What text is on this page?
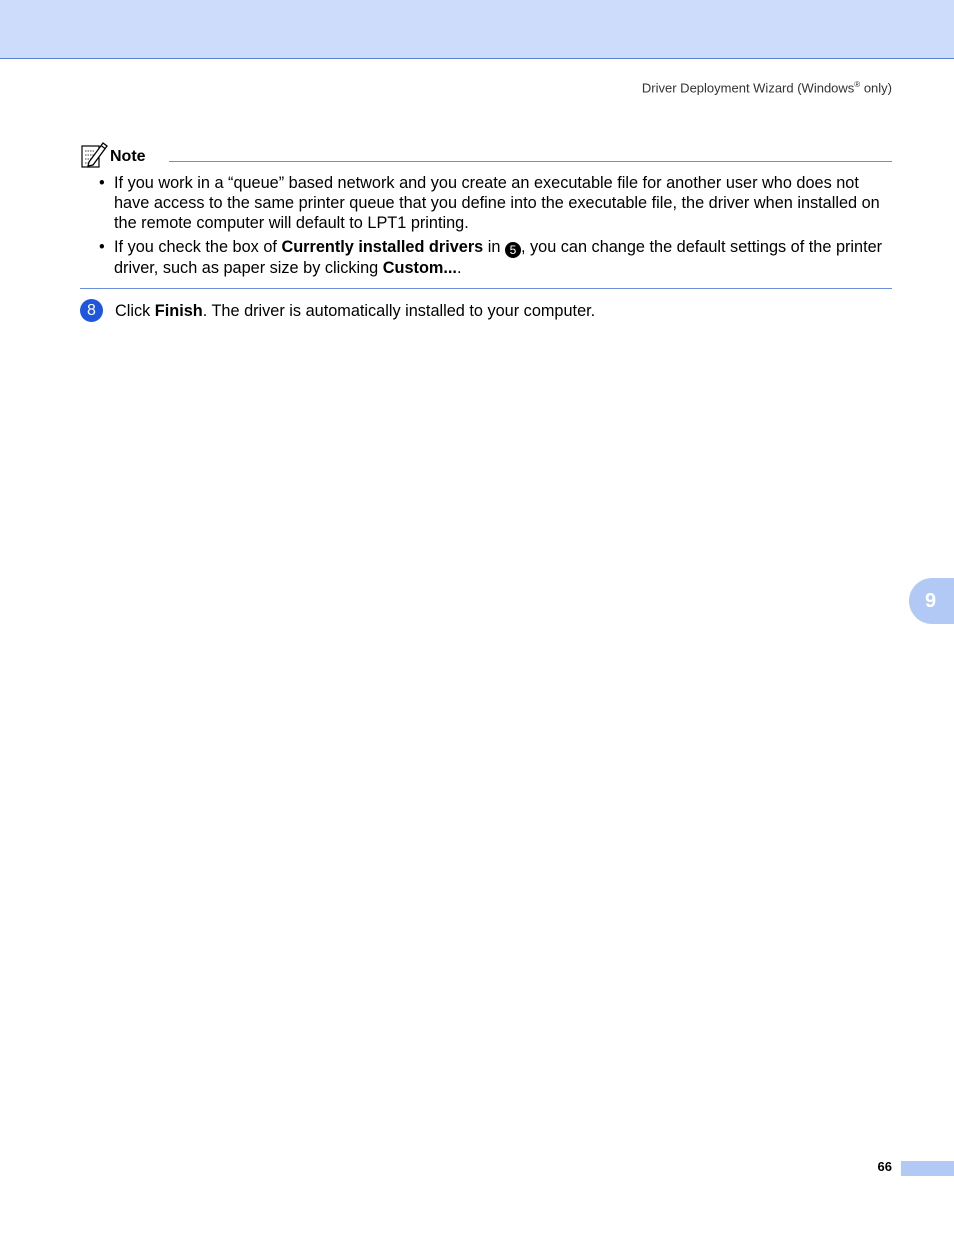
Driver Deployment Wizard (Windows® only)
Note
• If you work in a “queue” based network and you create an executable file for another user who does not have access to the same printer queue that you define into the executable file, the driver when installed on the remote computer will default to LPT1 printing.
• If you check the box of Currently installed drivers in 5 , you can change the default settings of the printer driver, such as paper size by clicking Custom....
8	Click Finish. The driver is automatically installed to your computer.
9
66
